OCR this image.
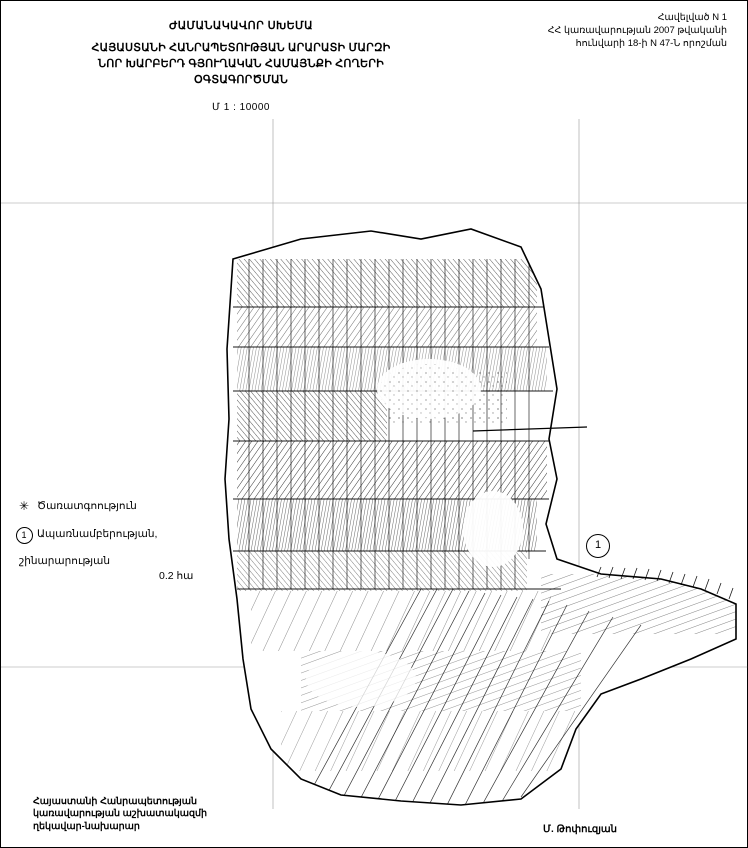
ԺԱՄԱՆԱԿԱՎՈՐ ՍԽԵՄԱ
ՀԱՅԱՍՏԱՆԻ ՀԱՆՐԱՊԵՏՈՒԹՅԱՆ ԱՐԱՐԱՏԻ ՄԱՐԶԻ
ՆՈՐ ԽԱՐԲԵՐԴ ԳՅՈՒՂԱԿԱՆ ՀԱՄԱՅՆՔԻ ՀՈՂԵՐԻ
ՕԳՏԱԳՈՐԾՄԱՆ
Մ 1 : 10000
Հավելված N 1
ՀՀ կառավարության 2007 թվականի
հունվարի 18-ի N 47-Ն որոշման
1
✳ Ծառատգոություն
1	Ապառնամբերության,
շինարարության
0.2 հա
Հայաստանի Հանրապետության
կառավարության աշխատակազմի
ղեկավար-նախարար	Մ. Թոփուզյան
